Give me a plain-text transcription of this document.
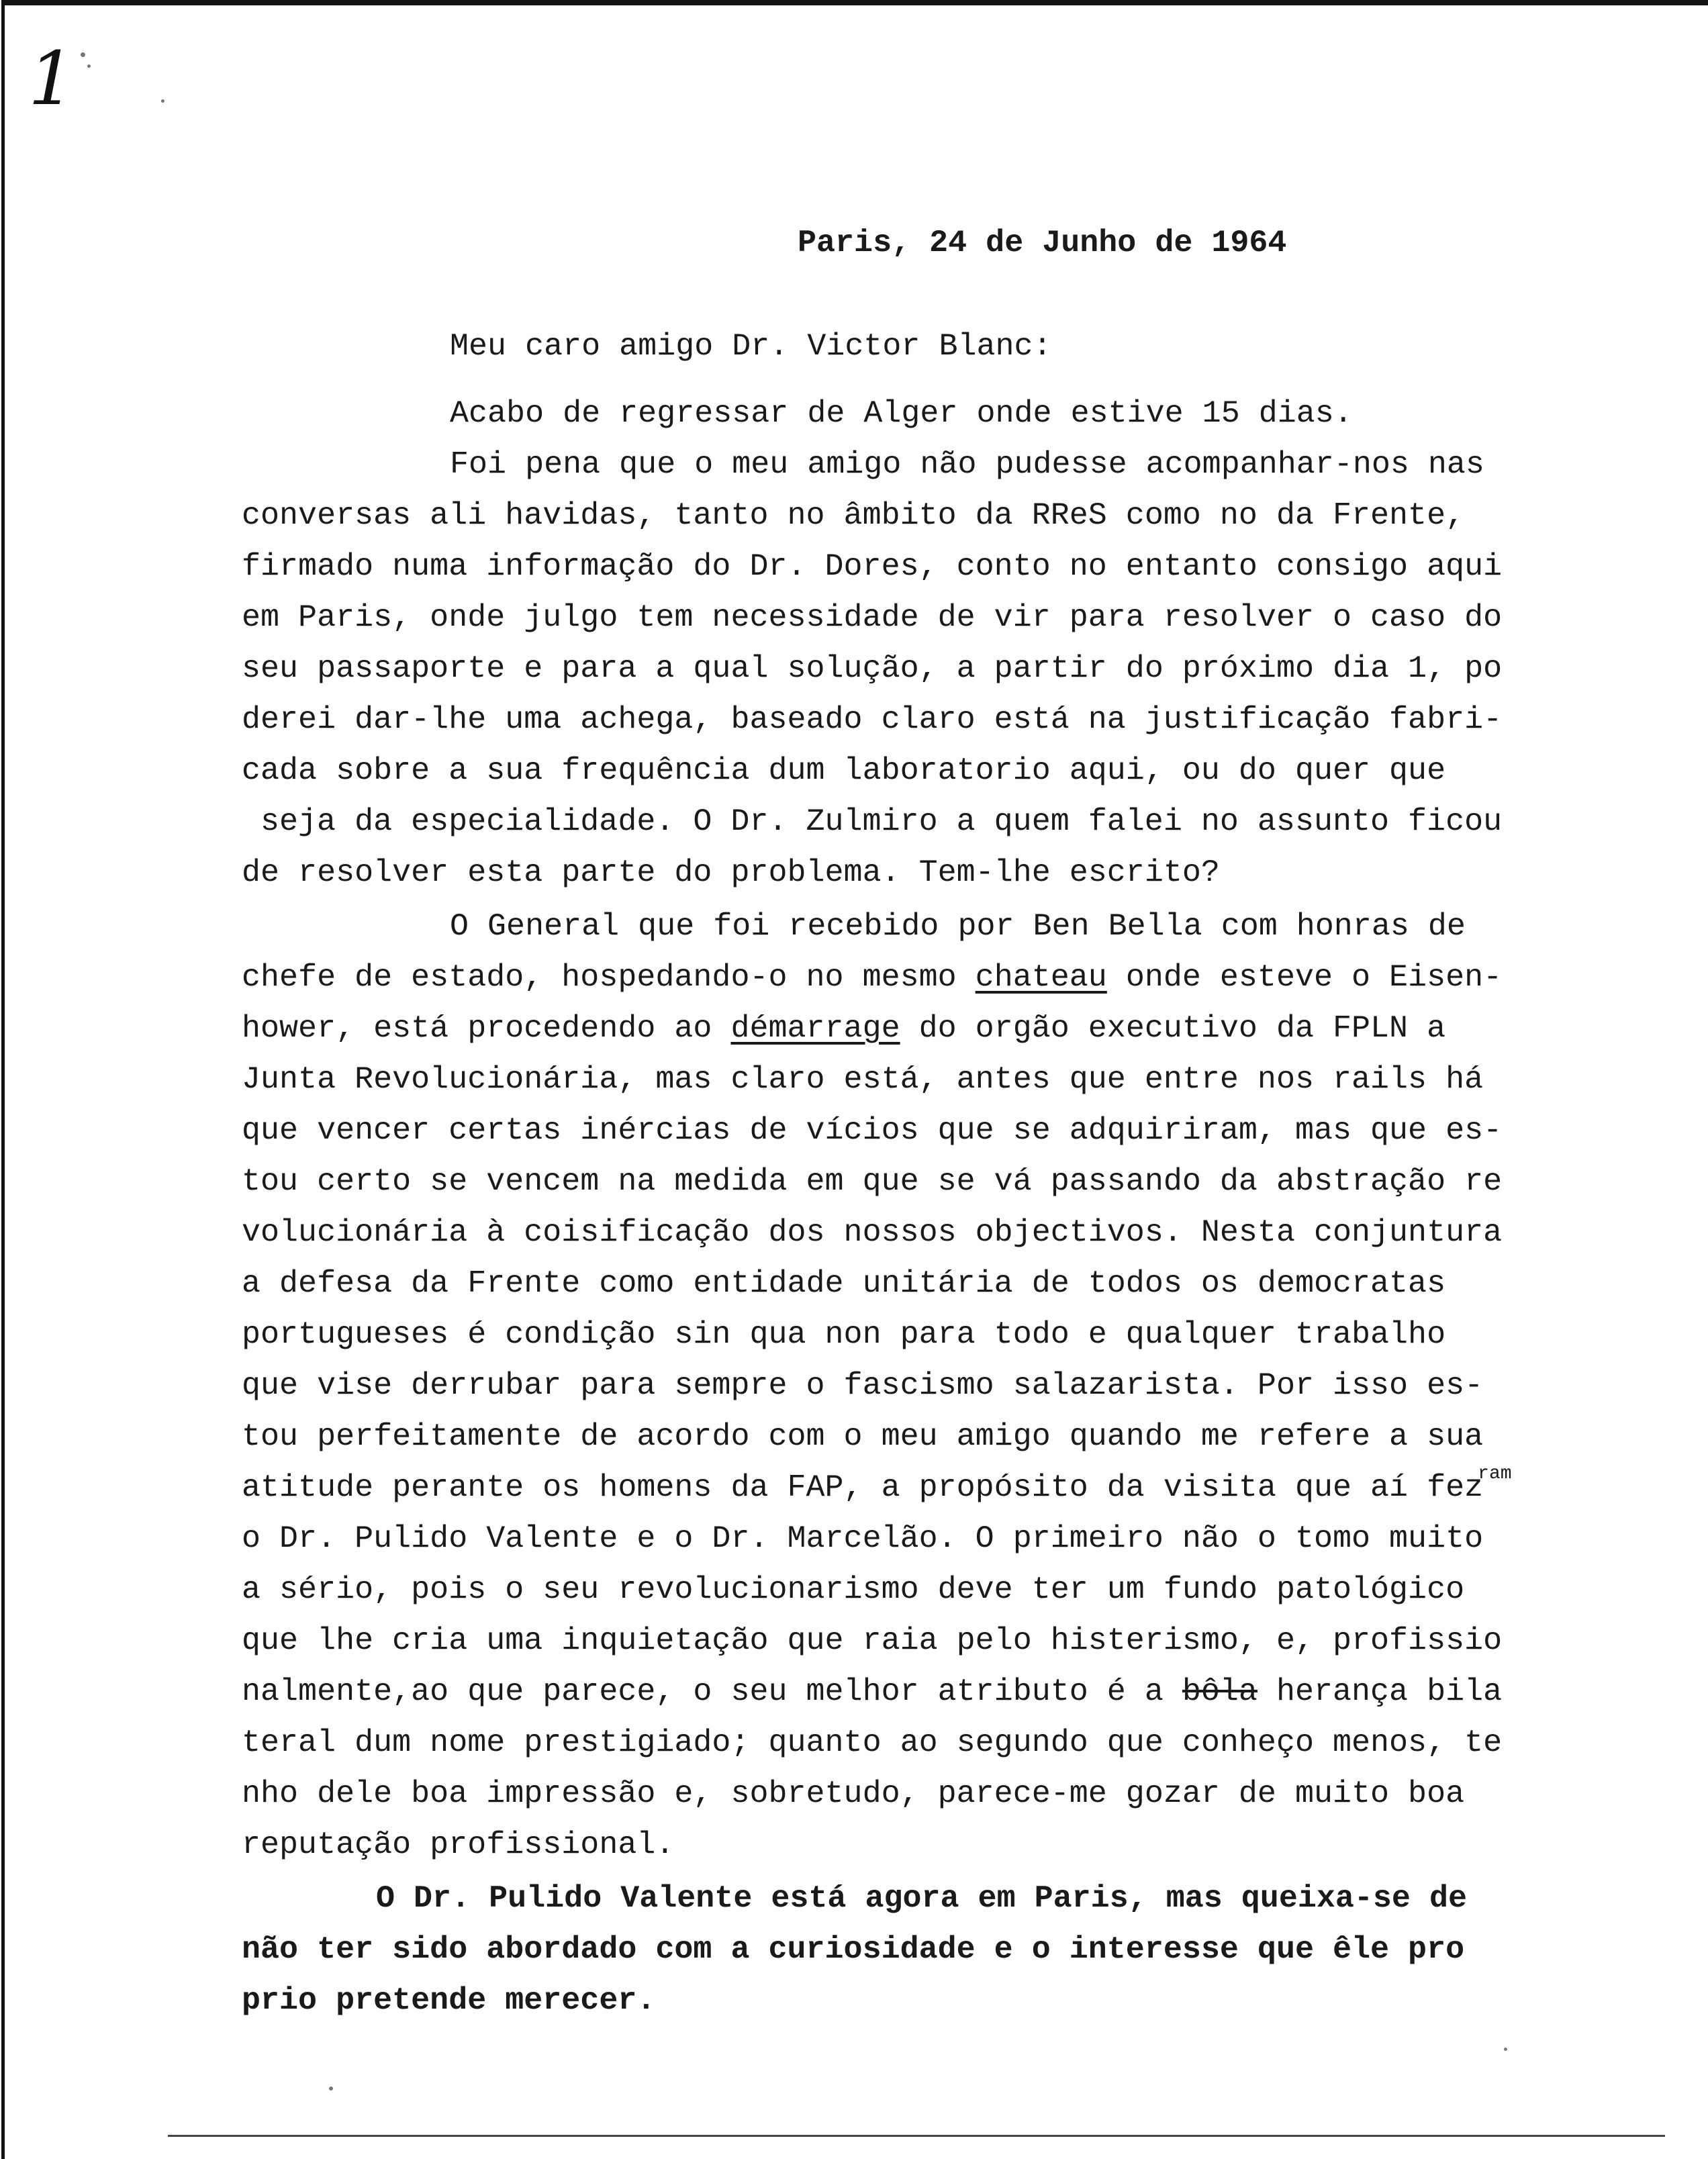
1

Paris, 24 de Junho de 1964

Meu caro amigo Dr. Victor Blanc:

Acabo de regressar de Alger onde estive 15 dias.

Foi pena que o meu amigo não pudesse acompanhar-nos nas

conversas ali havidas, tanto no âmbito da RReS como no da Frente,

firmado numa informação do Dr. Dores, conto no entanto consigo aqui

em Paris, onde julgo tem necessidade de vir para resolver o caso do

seu passaporte e para a qual solução, a partir do próximo dia 1, po

derei dar-lhe uma achega, baseado claro está na justificação fabri-

cada sobre a sua frequência dum laboratorio aqui, ou do quer que

seja da especialidade. O Dr. Zulmiro a quem falei no assunto ficou

de resolver esta parte do problema. Tem-lhe escrito?

O General que foi recebido por Ben Bella com honras de

chefe de estado, hospedando-o no mesmo chateau onde esteve o Eisen-

hower, está procedendo ao démarrage do orgão executivo da FPLN a

Junta Revolucionária, mas claro está, antes que entre nos rails há

que vencer certas inércias de vícios que se adquiriram, mas que es-

tou certo se vencem na medida em que se vá passando da abstração re

volucionária à coisificação dos nossos objectivos. Nesta conjuntura

a defesa da Frente como entidade unitária de todos os democratas

portugueses é condição sin qua non para todo e qualquer trabalho

que vise derrubar para sempre o fascismo salazarista. Por isso es-

tou perfeitamente de acordo com o meu amigo quando me refere a sua

atitude perante os homens da FAP, a propósito da visita que aí fez$^{ram}$

o Dr. Pulido Valente e o Dr. Marcelão. O primeiro não o tomo muito

a sério, pois o seu revolucionarismo deve ter um fundo patológico

que lhe cria uma inquietação que raia pelo histerismo, e, profissio

nalmente,ao que parece, o seu melhor atributo é a bôla herança bila

teral dum nome prestigiado; quanto ao segundo que conheço menos, te

nho dele boa impressão e, sobretudo, parece-me gozar de muito boa

reputação profissional.

O Dr. Pulido Valente está agora em Paris, mas queixa-se de

não ter sido abordado com a curiosidade e o interesse que êle pro

prio pretende merecer.
